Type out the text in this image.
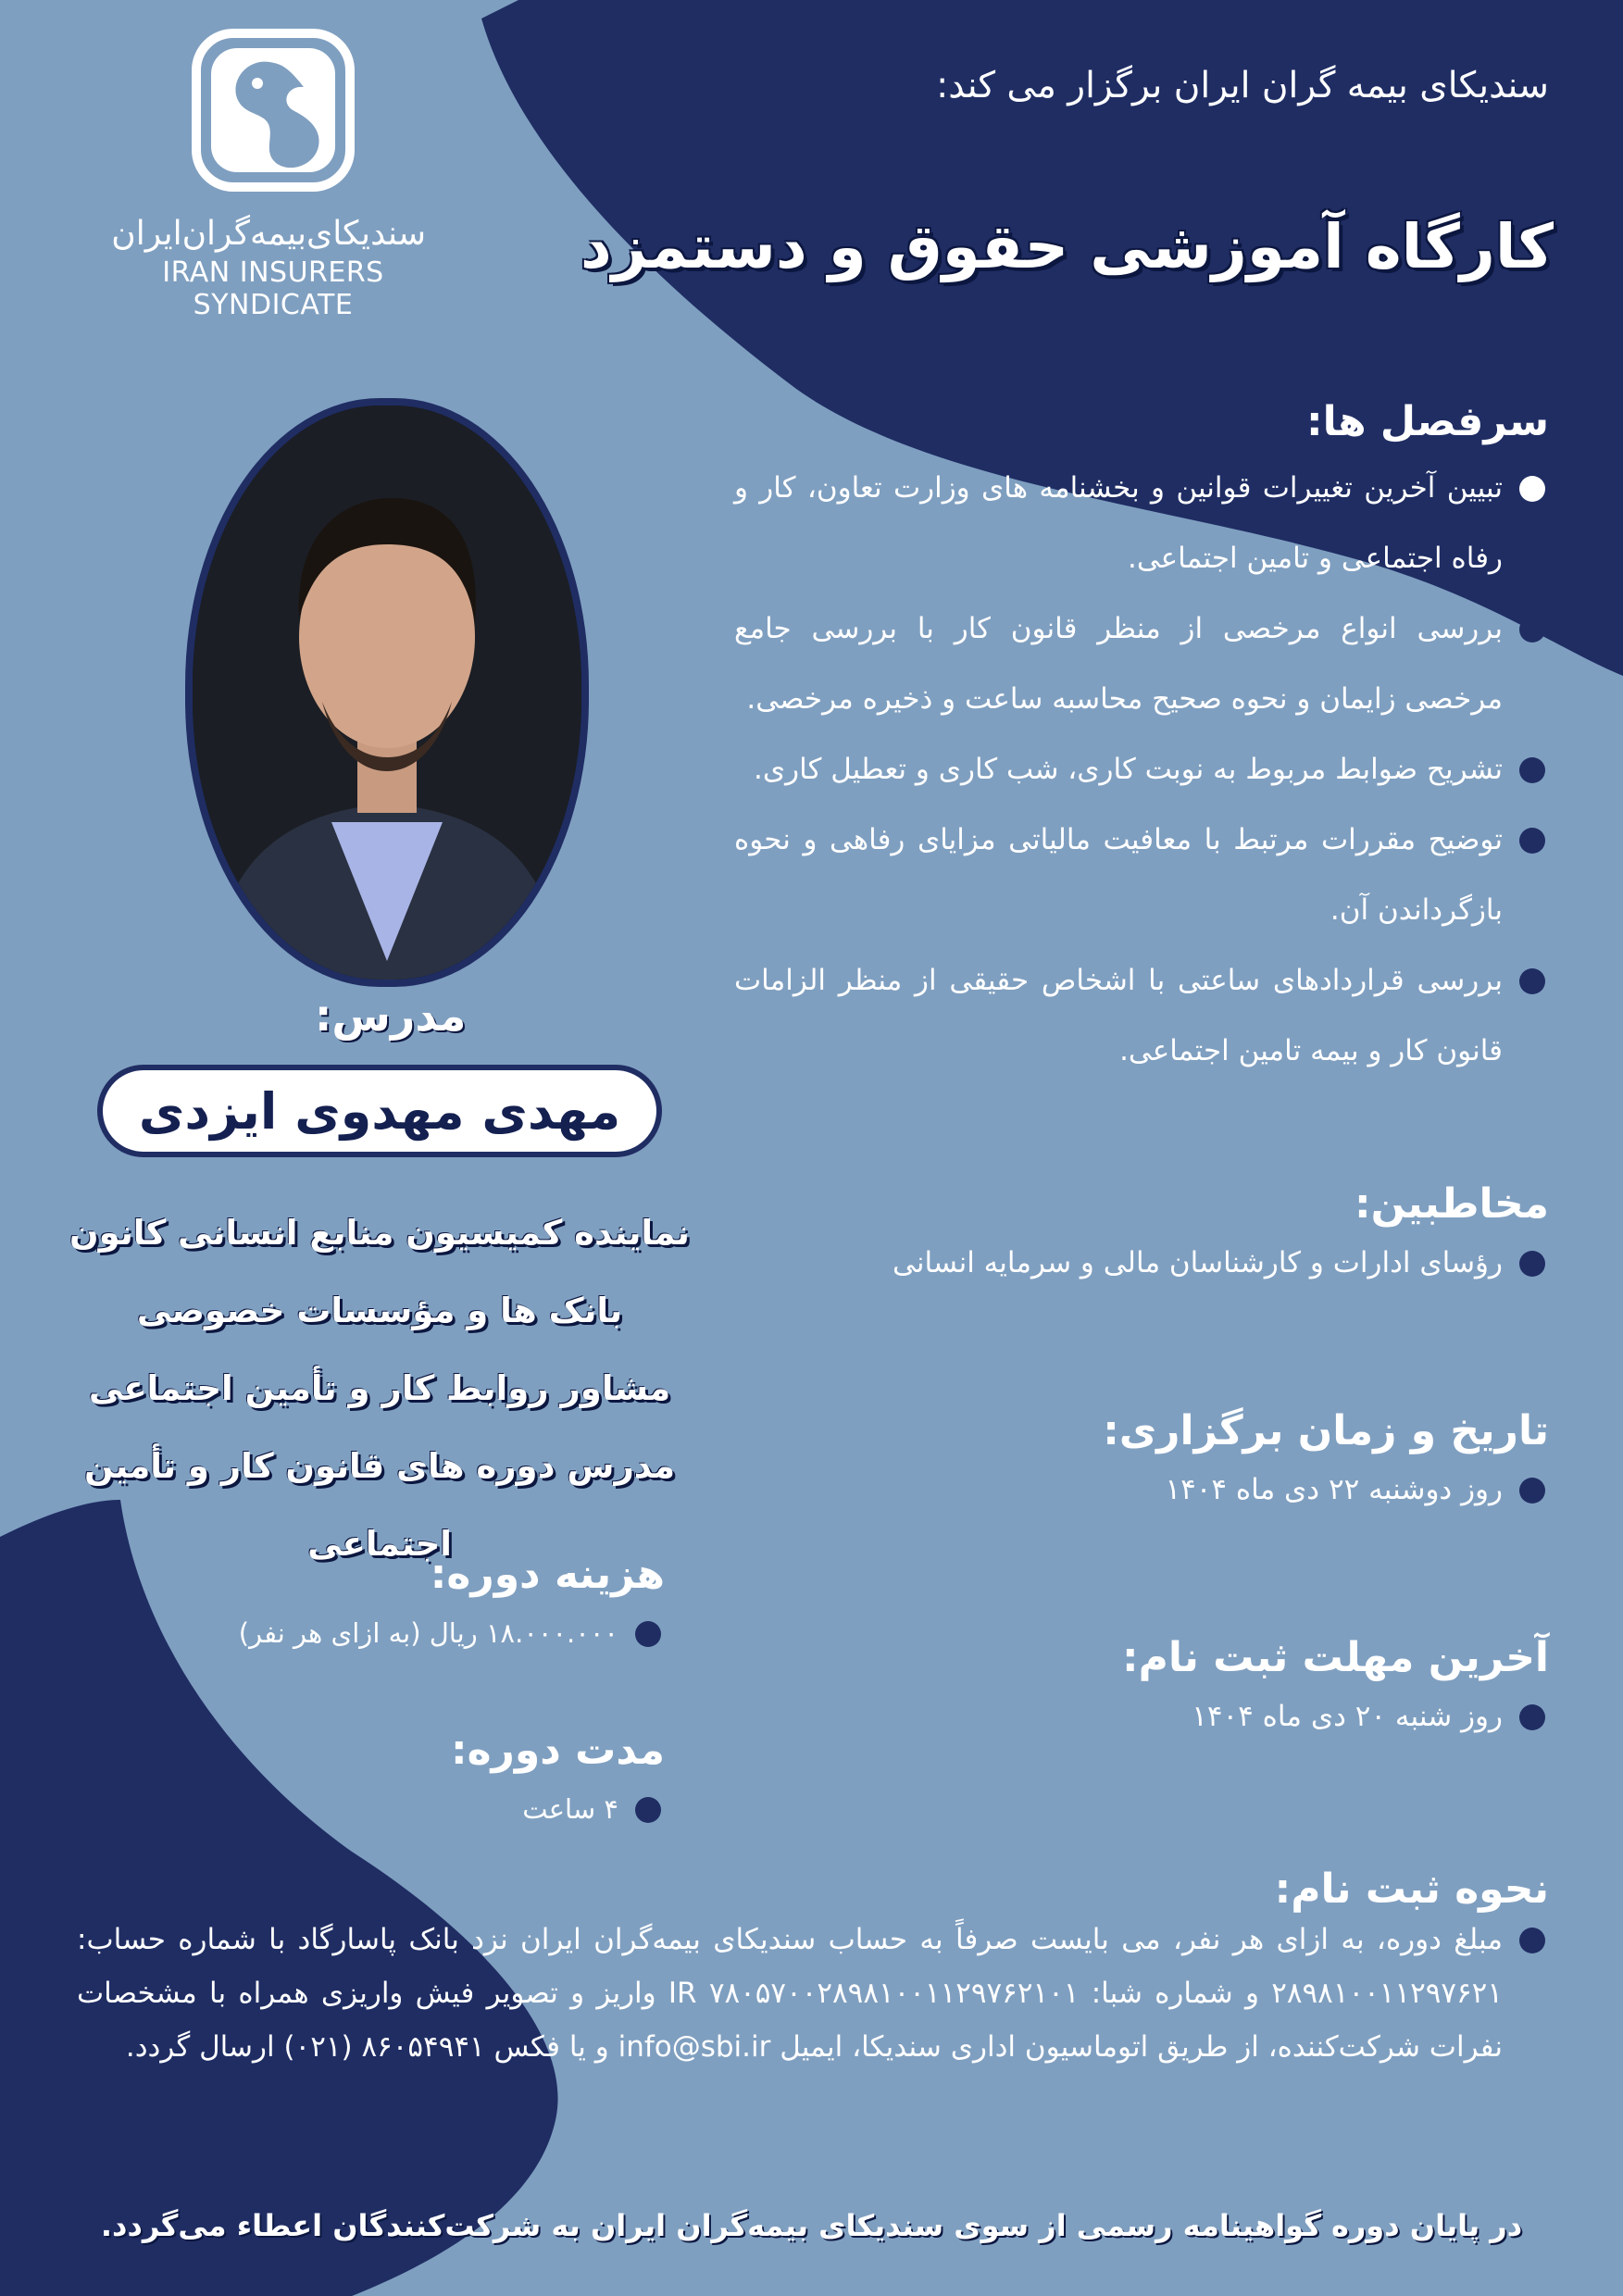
سندیکای‌بیمه‌گران‌ایران
IRAN INSURERS SYNDICATE
سندیکای بیمه گران ایران برگزار می کند:
کارگاه آموزشی حقوق و دستمزد
سرفصل ها:
تبیین آخرین تغییرات قوانین و بخشنامه های وزارت تعاون، کار و رفاه اجتماعی و تامین اجتماعی.
بررسی انواع مرخصی از منظر قانون کار با بررسی جامع مرخصی زایمان و نحوه صحیح محاسبه ساعت و ذخیره مرخصی.
تشریح ضوابط مربوط به نوبت کاری، شب کاری و تعطیل کاری.
توضیح مقررات مرتبط با معافیت مالیاتی مزایای رفاهی و نحوه بازگرداندن آن.
بررسی قراردادهای ساعتی با اشخاص حقیقی از منظر الزامات قانون کار و بیمه تامین اجتماعی.
مخاطبین:
رؤسای ادارات و کارشناسان مالی و سرمایه انسانی
تاریخ و زمان برگزاری:
روز دوشنبه ۲۲ دی ماه ۱۴۰۴
آخرین مهلت ثبت نام:
روز شنبه ۲۰ دی ماه ۱۴۰۴
مدرس:
مهدی مهدوی ایزدی
نماینده کمیسیون منابع انسانی کانون
بانک ها و مؤسسات خصوصی
مشاور روابط کار و تأمین اجتماعی
مدرس دوره های قانون کار و تأمین اجتماعی
هزینه دوره:
۱۸.۰۰۰.۰۰۰ ریال (به ازای هر نفر)
مدت دوره:
۴ ساعت
نحوه ثبت نام:
مبلغ دوره، به ازای هر نفر، می بایست صرفاً به حساب سندیکای بیمه‌گران ایران نزد بانک پاسارگاد با شماره حساب: ۲۸۹۸۱۰۰۱۱۲۹۷۶۲۱ و شماره شبا: IR ۷۸۰۵۷۰۰۲۸۹۸۱۰۰۱۱۲۹۷۶۲۱۰۱ واریز و تصویر فیش واریزی همراه با مشخصات نفرات شرکت‌کننده، از طریق اتوماسیون اداری سندیکا، ایمیل info@sbi.ir و یا فکس ۸۶۰۵۴۹۴۱ (۰۲۱) ارسال گردد.
در پایان دوره گواهینامه رسمی از سوی سندیکای بیمه‌گران ایران به شرکت‌کنندگان اعطاء می‌گردد.
